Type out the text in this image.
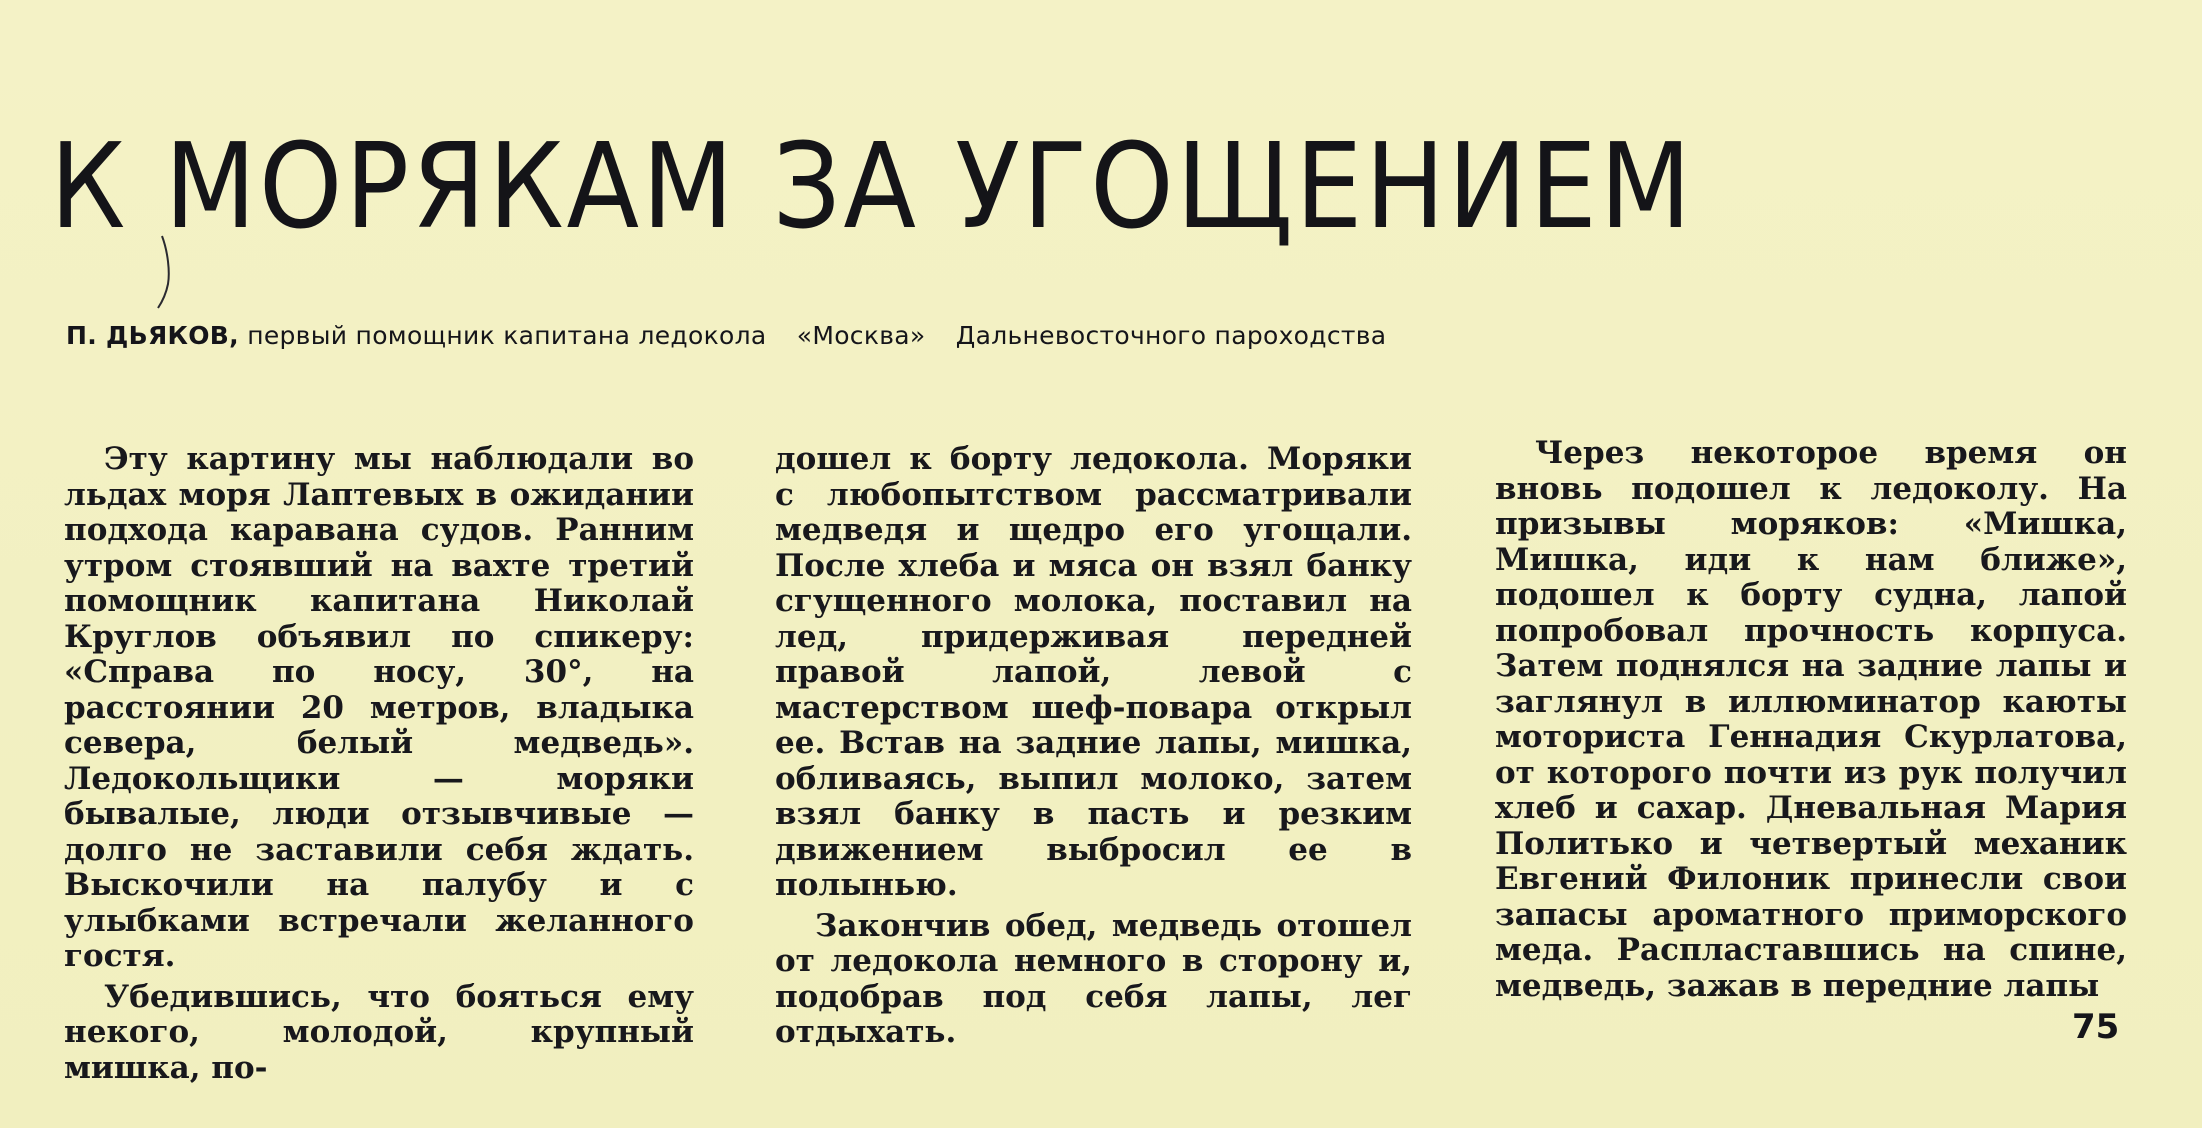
К МОРЯКАМ ЗА УГОЩЕНИЕМ
П. ДЬЯКОВ, первый помощник капитана ледокола «Москва» Дальневосточного пароходства

Эту картину мы наблюдали во льдах моря Лаптевых в ожидании подхода каравана судов. Ранним утром стоявший на вахте третий помощник капитана Николай Круглов объявил по спикеру: «Справа по носу, 30°, на расстоянии 20 метров, владыка севера, белый медведь». Ледокольщики — моряки бывалые, люди отзывчивые — долго не заставили себя ждать. Выскочили на палубу и с улыбками встречали желанного гостя.

Убедившись, что бояться ему некого, молодой, крупный мишка, по-

дошел к борту ледокола. Моряки с любопытством рассматривали медведя и щедро его угощали. После хлеба и мяса он взял банку сгущенного молока, поставил на лед, придерживая передней правой лапой, левой с мастерством шеф-повара открыл ее. Встав на задние лапы, мишка, обливаясь, выпил молоко, затем взял банку в пасть и резким движением выбросил ее в полынью.

Закончив обед, медведь отошел от ледокола немного в сторону и, подобрав под себя лапы, лег отдыхать.

Через некоторое время он вновь подошел к ледоколу. На призывы моряков: «Мишка, Мишка, иди к нам ближе», подошел к борту судна, лапой попробовал прочность корпуса. Затем поднялся на задние лапы и заглянул в иллюминатор каюты моториста Геннадия Скурлатова, от которого почти из рук получил хлеб и сахар. Дневальная Мария Политько и четвертый механик Евгений Филоник принесли свои запасы ароматного приморского меда. Распластавшись на спине, медведь, зажав в передние лапы

75
